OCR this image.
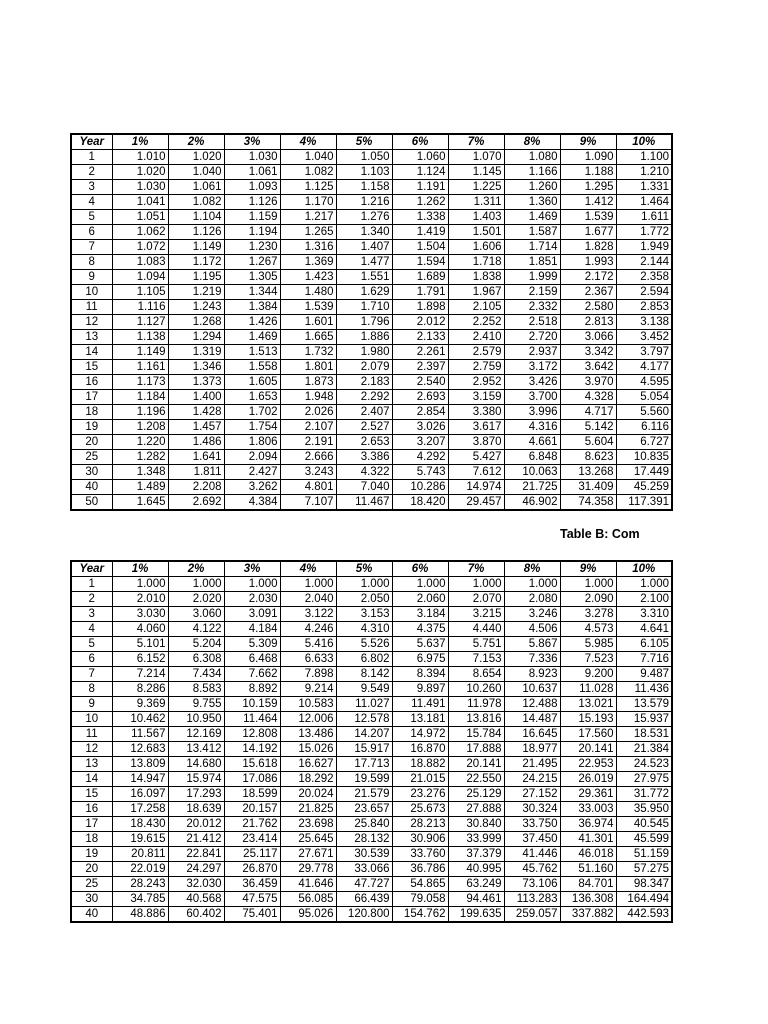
Year	1%	2%	3%	4%	5%	6%	7%	8%	9%	10%
1	1.010	1.020	1.030	1.040	1.050	1.060	1.070	1.080	1.090	1.100
2	1.020	1.040	1.061	1.082	1.103	1.124	1.145	1.166	1.188	1.210
3	1.030	1.061	1.093	1.125	1.158	1.191	1.225	1.260	1.295	1.331
4	1.041	1.082	1.126	1.170	1.216	1.262	1.311	1.360	1.412	1.464
5	1.051	1.104	1.159	1.217	1.276	1.338	1.403	1.469	1.539	1.611
6	1.062	1.126	1.194	1.265	1.340	1.419	1.501	1.587	1.677	1.772
7	1.072	1.149	1.230	1.316	1.407	1.504	1.606	1.714	1.828	1.949
8	1.083	1.172	1.267	1.369	1.477	1.594	1.718	1.851	1.993	2.144
9	1.094	1.195	1.305	1.423	1.551	1.689	1.838	1.999	2.172	2.358
10	1.105	1.219	1.344	1.480	1.629	1.791	1.967	2.159	2.367	2.594
11	1.116	1.243	1.384	1.539	1.710	1.898	2.105	2.332	2.580	2.853
12	1.127	1.268	1.426	1.601	1.796	2.012	2.252	2.518	2.813	3.138
13	1.138	1.294	1.469	1.665	1.886	2.133	2.410	2.720	3.066	3.452
14	1.149	1.319	1.513	1.732	1.980	2.261	2.579	2.937	3.342	3.797
15	1.161	1.346	1.558	1.801	2.079	2.397	2.759	3.172	3.642	4.177
16	1.173	1.373	1.605	1.873	2.183	2.540	2.952	3.426	3.970	4.595
17	1.184	1.400	1.653	1.948	2.292	2.693	3.159	3.700	4.328	5.054
18	1.196	1.428	1.702	2.026	2.407	2.854	3.380	3.996	4.717	5.560
19	1.208	1.457	1.754	2.107	2.527	3.026	3.617	4.316	5.142	6.116
20	1.220	1.486	1.806	2.191	2.653	3.207	3.870	4.661	5.604	6.727
25	1.282	1.641	2.094	2.666	3.386	4.292	5.427	6.848	8.623	10.835
30	1.348	1.811	2.427	3.243	4.322	5.743	7.612	10.063	13.268	17.449
40	1.489	2.208	3.262	4.801	7.040	10.286	14.974	21.725	31.409	45.259
50	1.645	2.692	4.384	7.107	11.467	18.420	29.457	46.902	74.358	117.391
Table B: Com
Year	1%	2%	3%	4%	5%	6%	7%	8%	9%	10%
1	1.000	1.000	1.000	1.000	1.000	1.000	1.000	1.000	1.000	1.000
2	2.010	2.020	2.030	2.040	2.050	2.060	2.070	2.080	2.090	2.100
3	3.030	3.060	3.091	3.122	3.153	3.184	3.215	3.246	3.278	3.310
4	4.060	4.122	4.184	4.246	4.310	4.375	4.440	4.506	4.573	4.641
5	5.101	5.204	5.309	5.416	5.526	5.637	5.751	5.867	5.985	6.105
6	6.152	6.308	6.468	6.633	6.802	6.975	7.153	7.336	7.523	7.716
7	7.214	7.434	7.662	7.898	8.142	8.394	8.654	8.923	9.200	9.487
8	8.286	8.583	8.892	9.214	9.549	9.897	10.260	10.637	11.028	11.436
9	9.369	9.755	10.159	10.583	11.027	11.491	11.978	12.488	13.021	13.579
10	10.462	10.950	11.464	12.006	12.578	13.181	13.816	14.487	15.193	15.937
11	11.567	12.169	12.808	13.486	14.207	14.972	15.784	16.645	17.560	18.531
12	12.683	13.412	14.192	15.026	15.917	16.870	17.888	18.977	20.141	21.384
13	13.809	14.680	15.618	16.627	17.713	18.882	20.141	21.495	22.953	24.523
14	14.947	15.974	17.086	18.292	19.599	21.015	22.550	24.215	26.019	27.975
15	16.097	17.293	18.599	20.024	21.579	23.276	25.129	27.152	29.361	31.772
16	17.258	18.639	20.157	21.825	23.657	25.673	27.888	30.324	33.003	35.950
17	18.430	20.012	21.762	23.698	25.840	28.213	30.840	33.750	36.974	40.545
18	19.615	21.412	23.414	25.645	28.132	30.906	33.999	37.450	41.301	45.599
19	20.811	22.841	25.117	27.671	30.539	33.760	37.379	41.446	46.018	51.159
20	22.019	24.297	26.870	29.778	33.066	36.786	40.995	45.762	51.160	57.275
25	28.243	32.030	36.459	41.646	47.727	54.865	63.249	73.106	84.701	98.347
30	34.785	40.568	47.575	56.085	66.439	79.058	94.461	113.283	136.308	164.494
40	48.886	60.402	75.401	95.026	120.800	154.762	199.635	259.057	337.882	442.593
